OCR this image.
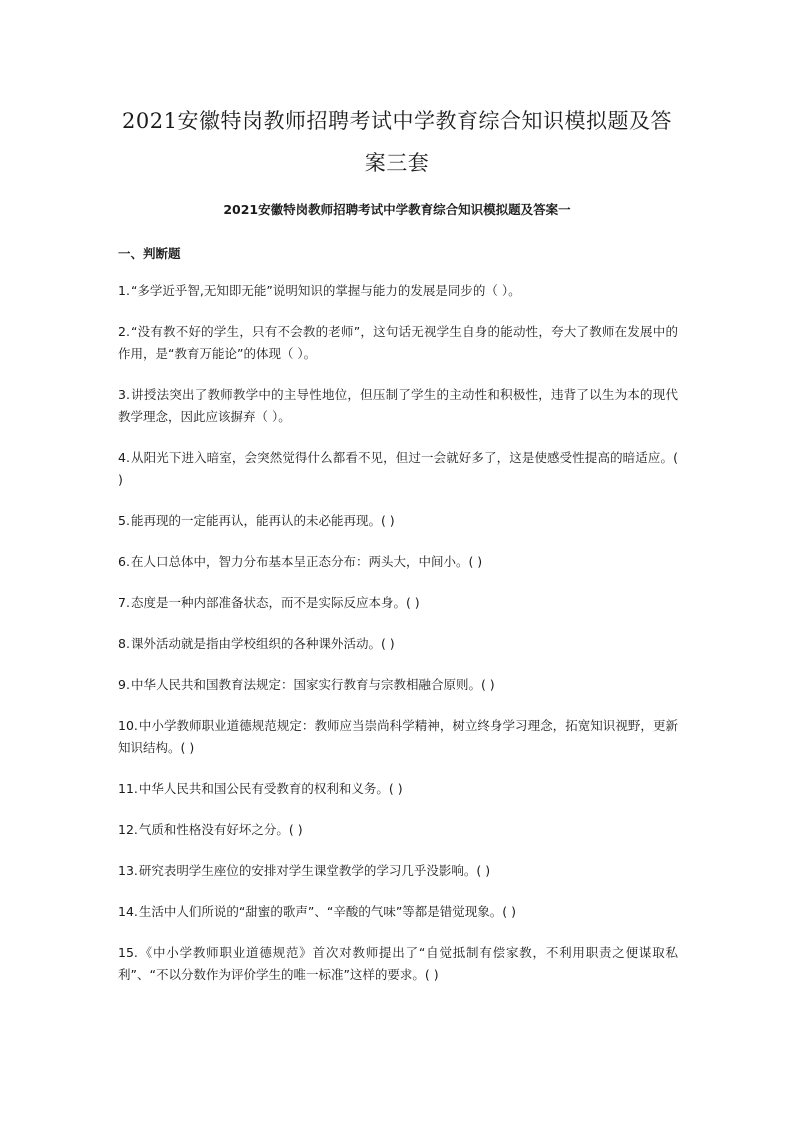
2021安徽特岗教师招聘考试中学教育综合知识模拟题及答
案三套
2021安徽特岗教师招聘考试中学教育综合知识模拟题及答案一
一、判断题
1.“多学近乎智,无知即无能”说明知识的掌握与能力的发展是同步的（ ）。
2.“没有教不好的学生，只有不会教的老师”，这句话无视学生自身的能动性，夸大了教师在发展中的作用，是“教育万能论”的体现（ ）。
3.讲授法突出了教师教学中的主导性地位，但压制了学生的主动性和积极性，违背了以生为本的现代教学理念，因此应该摒弃（ ）。
4.从阳光下进入暗室，会突然觉得什么都看不见，但过一会就好多了，这是使感受性提高的暗适应。( )
5.能再现的一定能再认，能再认的未必能再现。( )
6.在人口总体中，智力分布基本呈正态分布：两头大，中间小。( )
7.态度是一种内部准备状态，而不是实际反应本身。( )
8.课外活动就是指由学校组织的各种课外活动。( )
9.中华人民共和国教育法规定：国家实行教育与宗教相融合原则。( )
10.中小学教师职业道德规范规定：教师应当崇尚科学精神，树立终身学习理念，拓宽知识视野，更新知识结构。( )
11.中华人民共和国公民有受教育的权利和义务。( )
12.气质和性格没有好坏之分。( )
13.研究表明学生座位的安排对学生课堂教学的学习几乎没影响。( )
14.生活中人们所说的“甜蜜的歌声”、“辛酸的气味”等都是错觉现象。( )
15.《中小学教师职业道德规范》首次对教师提出了“自觉抵制有偿家教，不利用职责之便谋取私利”、“不以分数作为评价学生的唯一标准”这样的要求。( )
